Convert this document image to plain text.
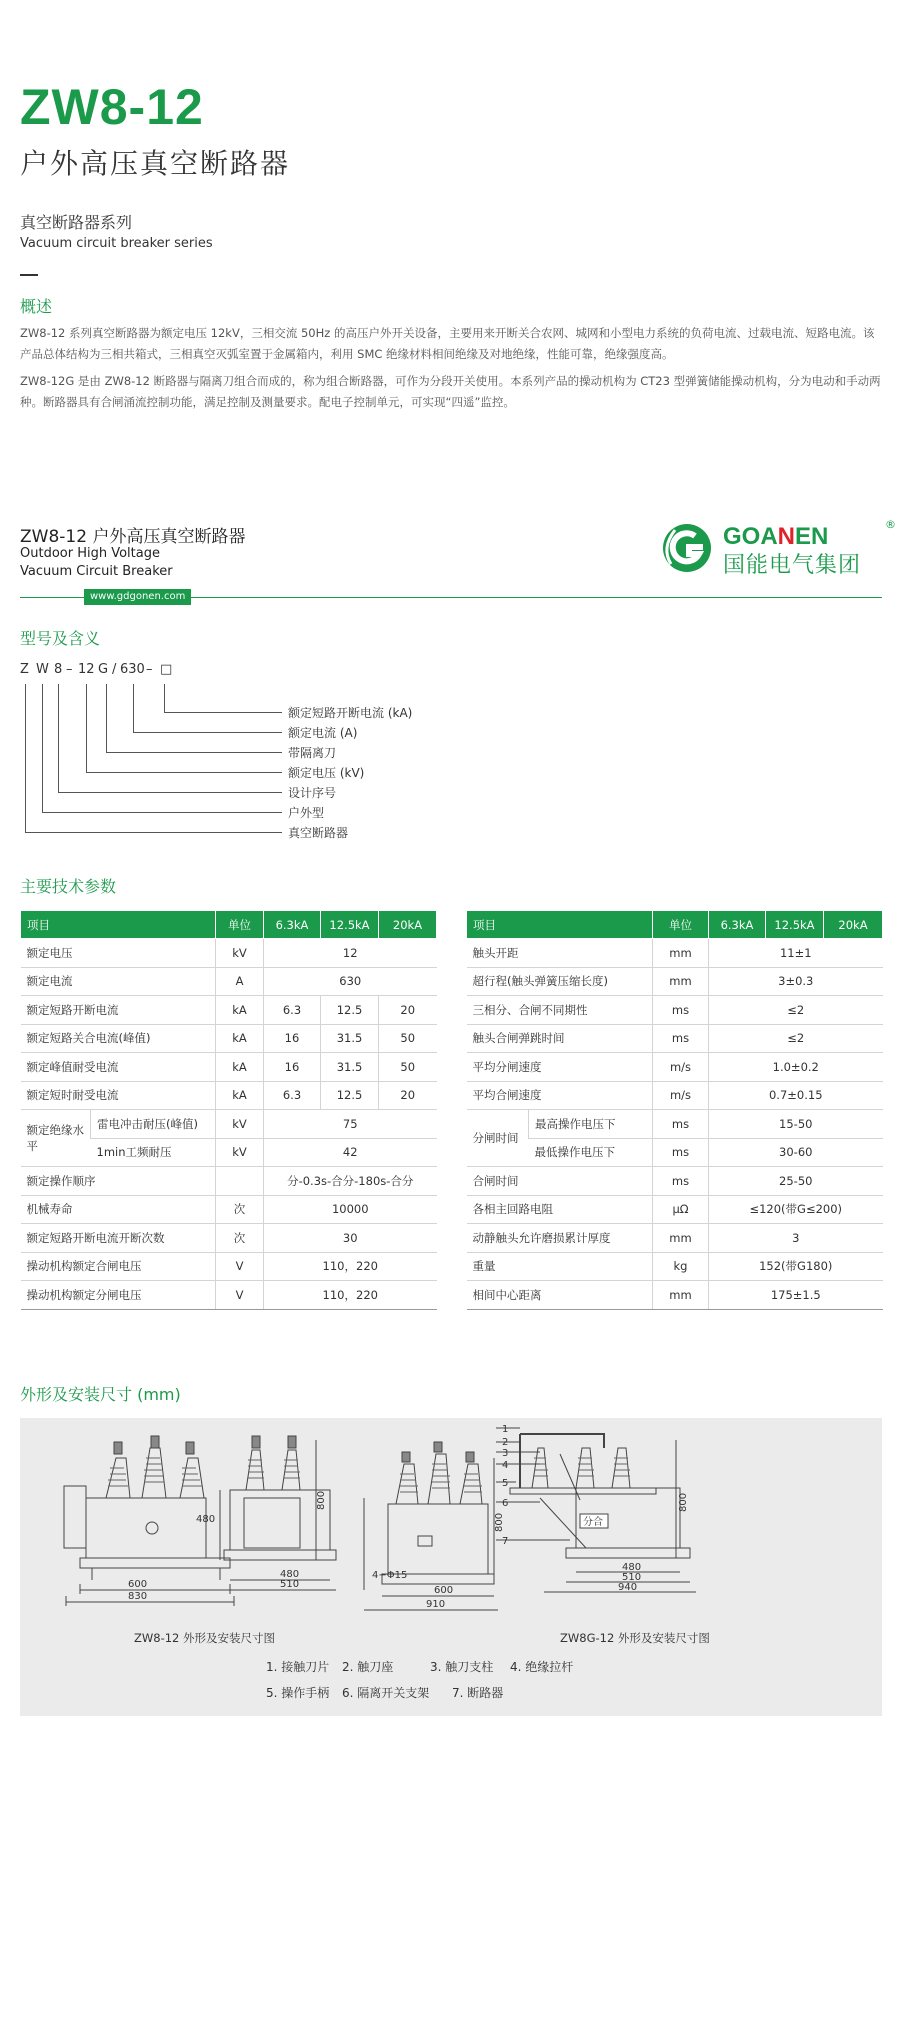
ZW8-12
户外高压真空断路器
真空断路器系列
Vacuum circuit breaker series
概述
ZW8-12 系列真空断路器为额定电压 12kV，三相交流 50Hz 的高压户外开关设备，主要用来开断关合农网、城网和小型电力系统的负荷电流、过载电流、短路电流。该产品总体结构为三相共箱式，三相真空灭弧室置于金属箱内，利用 SMC 绝缘材料相间绝缘及对地绝缘，性能可靠，绝缘强度高。
ZW8-12G 是由 ZW8-12 断路器与隔离刀组合而成的，称为组合断路器，可作为分段开关使用。本系列产品的操动机构为 CT23 型弹簧储能操动机构，分为电动和手动两种。断路器具有合闸涌流控制功能，满足控制及测量要求。配电子控制单元，可实现“四遥”监控。
ZW8-12 户外高压真空断路器
Outdoor High Voltage
Vacuum Circuit Breaker
www.gdgonen.com
GOANEN	®
国能电气集团
型号及含义
Z W 8 – 12 G / 630 – □
额定短路开断电流 (kA)
额定电流 (A)
带隔离刀
额定电压 (kV)
设计序号
户外型
真空断路器
主要技术参数
项目		单位	6.3kA	12.5kA	20kA
额定电压		kV	12		
额定电流		A	630		
额定短路开断电流		kA	6.3	12.5	20
额定短路关合电流(峰值)		kA	16	31.5	50
额定峰值耐受电流		kA	16	31.5	50
额定短时耐受电流		kA	6.3	12.5	20
额定绝缘水平	雷电冲击耐压(峰值)	kV	75		
	1min工频耐压	kV	42		
额定操作顺序			分-0.3s-合分-180s-合分		
机械寿命		次	10000		
额定短路开断电流开断次数		次	30		
操动机构额定合闸电压		V	110，220		
操动机构额定分闸电压		V	110，220		
项目		单位	6.3kA	12.5kA	20kA
触头开距		mm	11±1		
超行程(触头弹簧压缩长度)		mm	3±0.3		
三相分、合闸不同期性		ms	≤2		
触头合闸弹跳时间		ms	≤2		
平均分闸速度		m/s	1.0±0.2		
平均合闸速度		m/s	0.7±0.15		
分闸时间	最高操作电压下	ms	15-50		
	最低操作电压下	ms	30-60		
合闸时间		ms	25-50		
各相主回路电阻		μΩ	≤120(带G≤200)		
动静触头允许磨损累计厚度		mm	3		
重量		kg	152(带G180)		
相间中心距离		mm	175±1.5		
外形及安装尺寸 (mm)
600
830
480
480
510
800
600
910
4−Φ15
800
480
510
940
800
分合
1
2
3
4
5
6
7
ZW8-12 外形及安装尺寸图	ZW8G-12 外形及安装尺寸图
1. 接触刀片 2. 触刀座	3. 触刀支柱 4. 绝缘拉杆
5. 操作手柄 6. 隔离开关支架 7. 断路器
